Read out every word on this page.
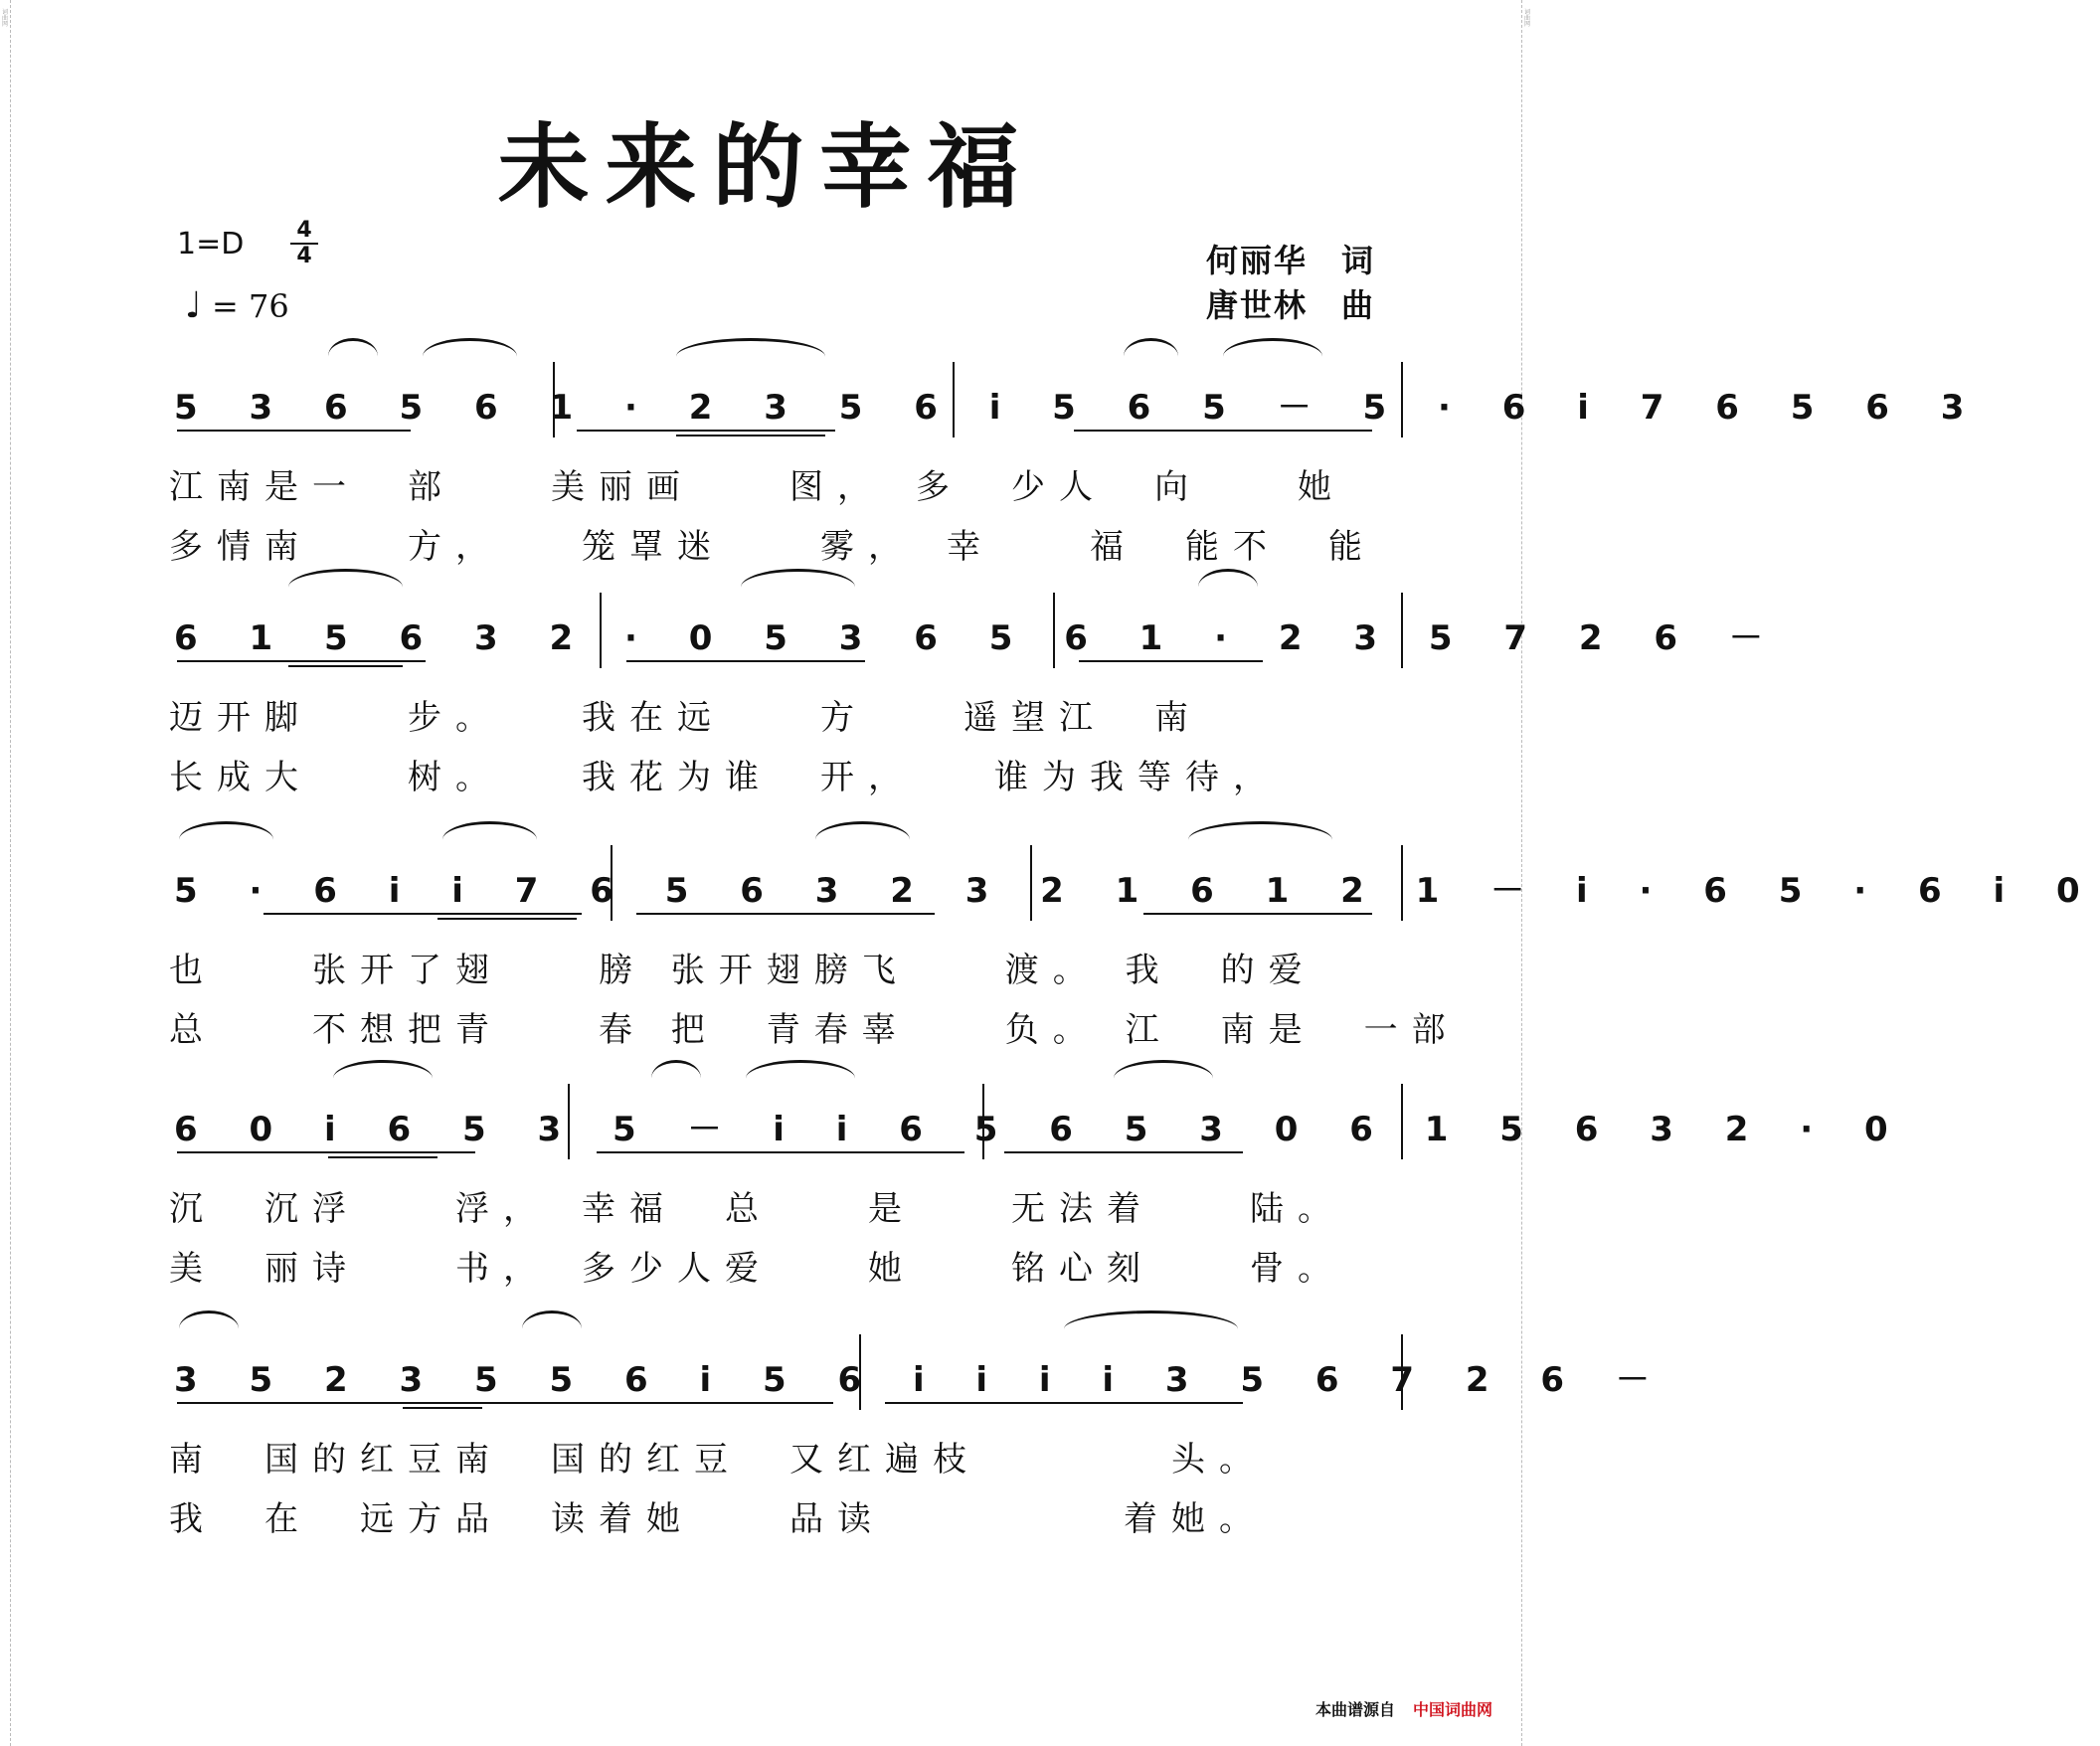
词曲网
词曲网
未来的幸福
1=D 4
4
♩ = 76
何丽华　词
唐世林　曲
5 3 6 5 6 1 · 2 3 5 6 i 5 6 5 － 5 · 6 i 7 6 5 6 3
江南是一　部　　美丽画　　图，　多　少人　向　　她
多情南　　方，　　笼罩迷　　雾，　幸　　福　能不　能
6 1 5 6 3 2 · 0 5 3 6 5 6 1 · 2 3 5 7 2 6 －
迈开脚　　步。　　我在远　　方　　遥望江　南
长成大　　树。　　我花为谁　开，　　谁为我等待，
5 · 6 i i 7 6 5 6 3 2 3 2 1 6 1 2 1 － i · 6 5 · 6 i 0
也　　张开了翅　　膀 张开翅膀飞　　渡。 我　的爱
总　　不想把青　　春 把　青春辜　　负。 江　南是　一部
6 0 i 6 5 3 5 － i i 6 5 6 5 3 0 6 1 5 6 3 2 · 0
沉　沉浮　　浮，　幸福　总　　是　　无法着　　陆。
美　丽诗　　书，　多少人爱　　她　　铭心刻　　骨。
3 5 2 3 5 5 6 i 5 6 i i i i 3 5 6 7 2 6 －
南　国的红豆南　国的红豆　又红遍枝　　　　头。
我　在　远方品　读着她　　品读　　　　　着她。
本曲谱源自 中国词曲网
